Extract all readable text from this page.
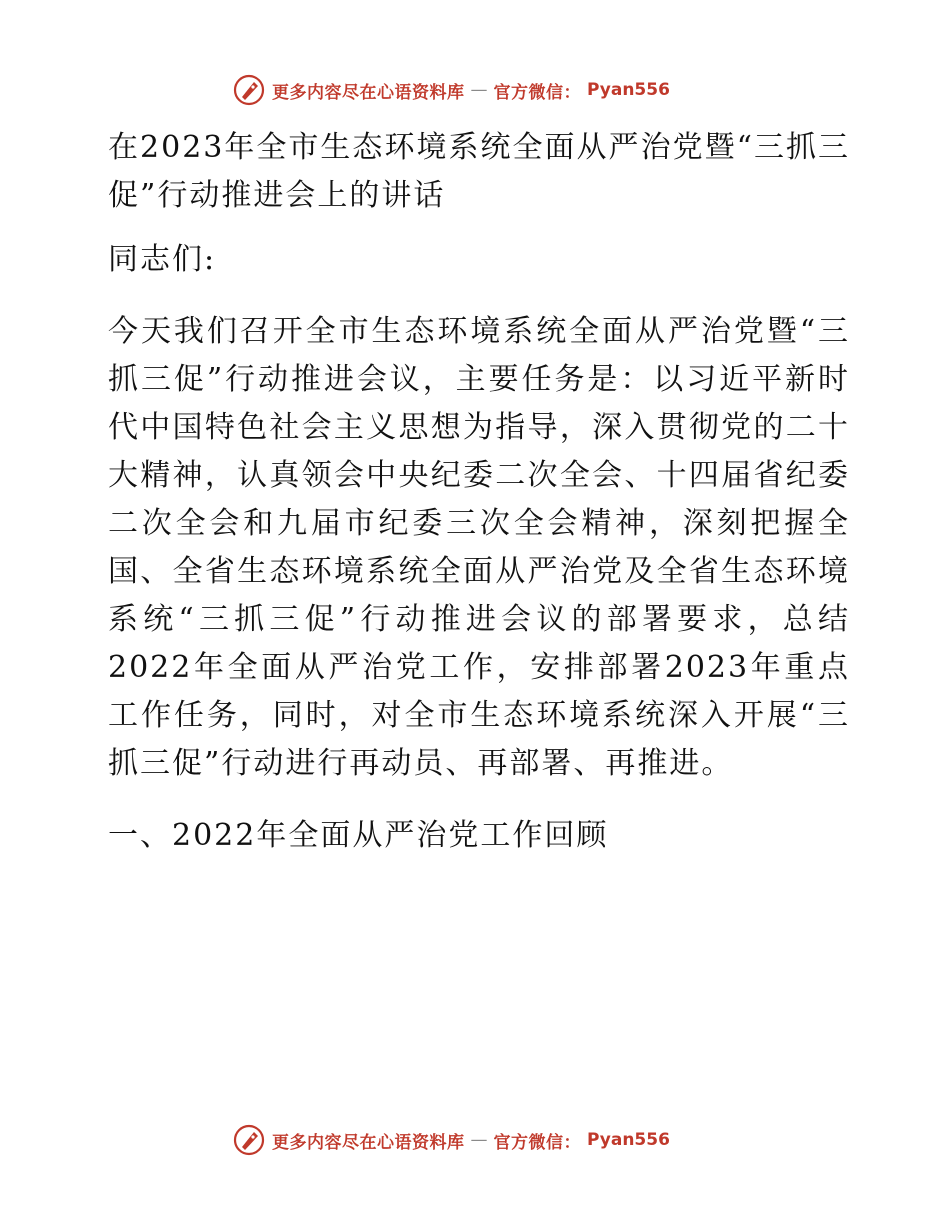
更多内容尽在心语资料库 — 官方微信： Pyan556

在2023年全市生态环境系统全面从严治党暨“三抓三促”行动推进会上的讲话

同志们:

今天我们召开全市生态环境系统全面从严治党暨“三抓三促”行动推进会议，主要任务是：以习近平新时代中国特色社会主义思想为指导，深入贯彻党的二十大精神，认真领会中央纪委二次全会、十四届省纪委二次全会和九届市纪委三次全会精神，深刻把握全国、全省生态环境系统全面从严治党及全省生态环境系统“三抓三促”行动推进会议的部署要求，总结2022年全面从严治党工作，安排部署2023年重点工作任务，同时，对全市生态环境系统深入开展“三抓三促”行动进行再动员、再部署、再推进。

一、2022年全面从严治党工作回顾

更多内容尽在心语资料库 — 官方微信： Pyan556
